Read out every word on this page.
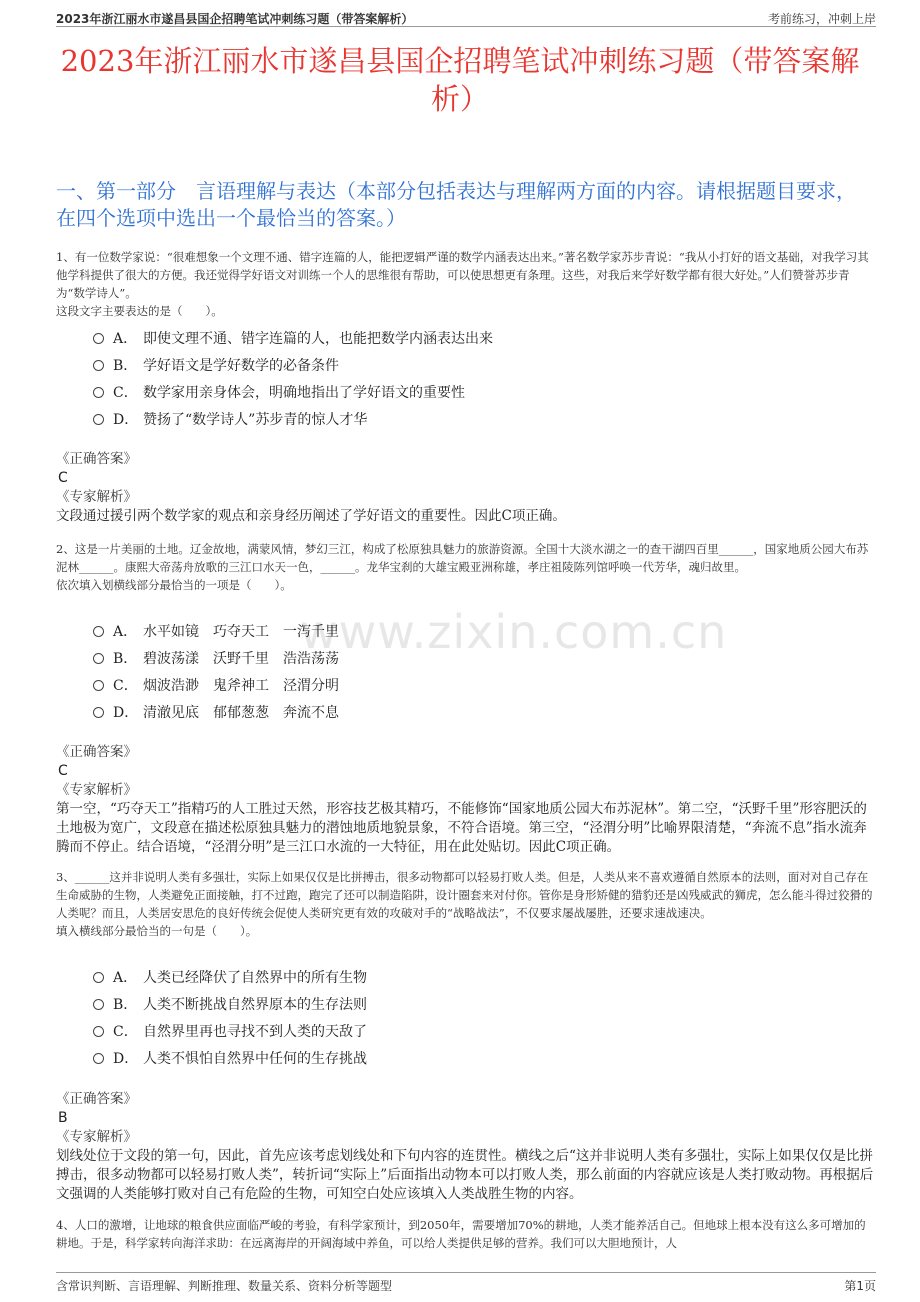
2023年浙江丽水市遂昌县国企招聘笔试冲刺练习题（带答案解析）	考前练习，冲刺上岸
2023年浙江丽水市遂昌县国企招聘笔试冲刺练习题（带答案解析）
一、第一部分　言语理解与表达（本部分包括表达与理解两方面的内容。请根据题目要求，在四个选项中选出一个最恰当的答案。）
www.zixin.com.cn
1、有一位数学家说：“很难想象一个文理不通、错字连篇的人，能把逻辑严谨的数学内涵表达出来。”著名数学家苏步青说：“我从小打好的语文基础，对我学习其他学科提供了很大的方便。我还觉得学好语文对训练一个人的思维很有帮助，可以使思想更有条理。这些，对我后来学好数学都有很大好处。”人们赞誉苏步青为“数学诗人”。
这段文字主要表达的是（　　）。
A． 即使文理不通、错字连篇的人，也能把数学内涵表达出来
B． 学好语文是学好数学的必备条件
C． 数学家用亲身体会，明确地指出了学好语文的重要性
D． 赞扬了“数学诗人”苏步青的惊人才华
《正确答案》
C
《专家解析》
文段通过援引两个数学家的观点和亲身经历阐述了学好语文的重要性。因此C项正确。
2、这是一片美丽的土地。辽金故地，满蒙风情，梦幻三江，构成了松原独具魅力的旅游资源。全国十大淡水湖之一的查干湖四百里______，国家地质公园大布苏泥林______。康熙大帝荡舟放歌的三江口水天一色，______。龙华宝刹的大雄宝殿亚洲称雄，孝庄祖陵陈列馆呼唤一代芳华，魂归故里。
依次填入划横线部分最恰当的一项是（　　）。
A． 水平如镜　巧夺天工　一泻千里
B． 碧波荡漾　沃野千里　浩浩荡荡
C． 烟波浩渺　鬼斧神工　泾渭分明
D． 清澈见底　郁郁葱葱　奔流不息
《正确答案》
C
《专家解析》
第一空，“巧夺天工”指精巧的人工胜过天然，形容技艺极其精巧，不能修饰“国家地质公园大布苏泥林”。第二空，“沃野千里”形容肥沃的土地极为宽广，文段意在描述松原独具魅力的潜蚀地质地貌景象，不符合语境。第三空，“泾渭分明”比喻界限清楚，“奔流不息”指水流奔腾而不停止。结合语境，“泾渭分明”是三江口水流的一大特征，用在此处贴切。因此C项正确。
3、______这并非说明人类有多强壮，实际上如果仅仅是比拼搏击，很多动物都可以轻易打败人类。但是，人类从来不喜欢遵循自然原本的法则，面对对自己存在生命威胁的生物，人类避免正面接触，打不过跑，跑完了还可以制造陷阱，设计圈套来对付你。管你是身形矫健的猎豹还是凶残威武的狮虎，怎么能斗得过狡猾的人类呢？而且，人类居安思危的良好传统会促使人类研究更有效的攻破对手的“战略战法”，不仅要求屡战屡胜，还要求速战速决。
填入横线部分最恰当的一句是（　　）。
A． 人类已经降伏了自然界中的所有生物
B． 人类不断挑战自然界原本的生存法则
C． 自然界里再也寻找不到人类的天敌了
D． 人类不惧怕自然界中任何的生存挑战
《正确答案》
B
《专家解析》
划线处位于文段的第一句，因此，首先应该考虑划线处和下句内容的连贯性。横线之后“这并非说明人类有多强壮，实际上如果仅仅是比拼搏击，很多动物都可以轻易打败人类”，转折词“实际上”后面指出动物本可以打败人类，那么前面的内容就应该是人类打败动物。再根据后文强调的人类能够打败对自己有危险的生物，可知空白处应该填入人类战胜生物的内容。
4、人口的激增，让地球的粮食供应面临严峻的考验，有科学家预计，到2050年，需要增加70%的耕地，人类才能养活自己。但地球上根本没有这么多可增加的耕地。于是，科学家转向海洋求助：在远离海岸的开阔海域中养鱼，可以给人类提供足够的营养。我们可以大胆地预计，人
含常识判断、言语理解、判断推理、数量关系、资料分析等题型	第1页
